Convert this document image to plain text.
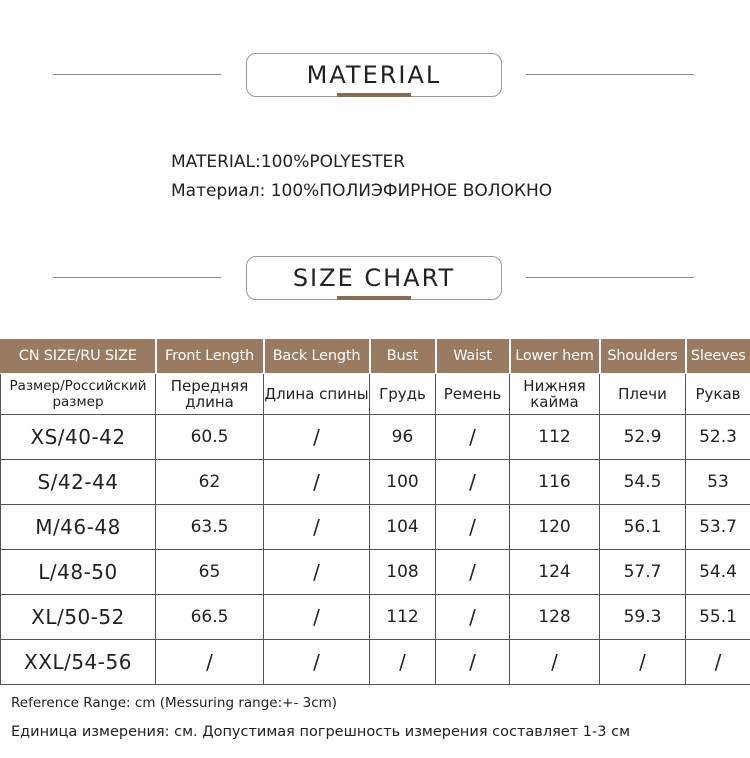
MATERIAL
MATERIAL:100%POLYESTER
Материал: 100%ПОЛИЭФИРНОЕ ВОЛОКНО
SIZE CHART
CN SIZE/RU SIZE	Front Length	Back Length	Bust	Waist	Lower hem	Shoulders	Sleeves
Размер/Российский размер	Передняя длина	Длина спины	Грудь	Ремень	Нижняя кайма	Плечи	Рукав
XS/40-42	60.5	/	96	/	112	52.9	52.3
S/42-44	62	/	100	/	116	54.5	53
M/46-48	63.5	/	104	/	120	56.1	53.7
L/48-50	65	/	108	/	124	57.7	54.4
XL/50-52	66.5	/	112	/	128	59.3	55.1
XXL/54-56	/	/	/	/	/	/	/
Reference Range: cm (Messuring range:+- 3cm)
Единица измерения: см. Допустимая погрешность измерения составляет 1-3 см
